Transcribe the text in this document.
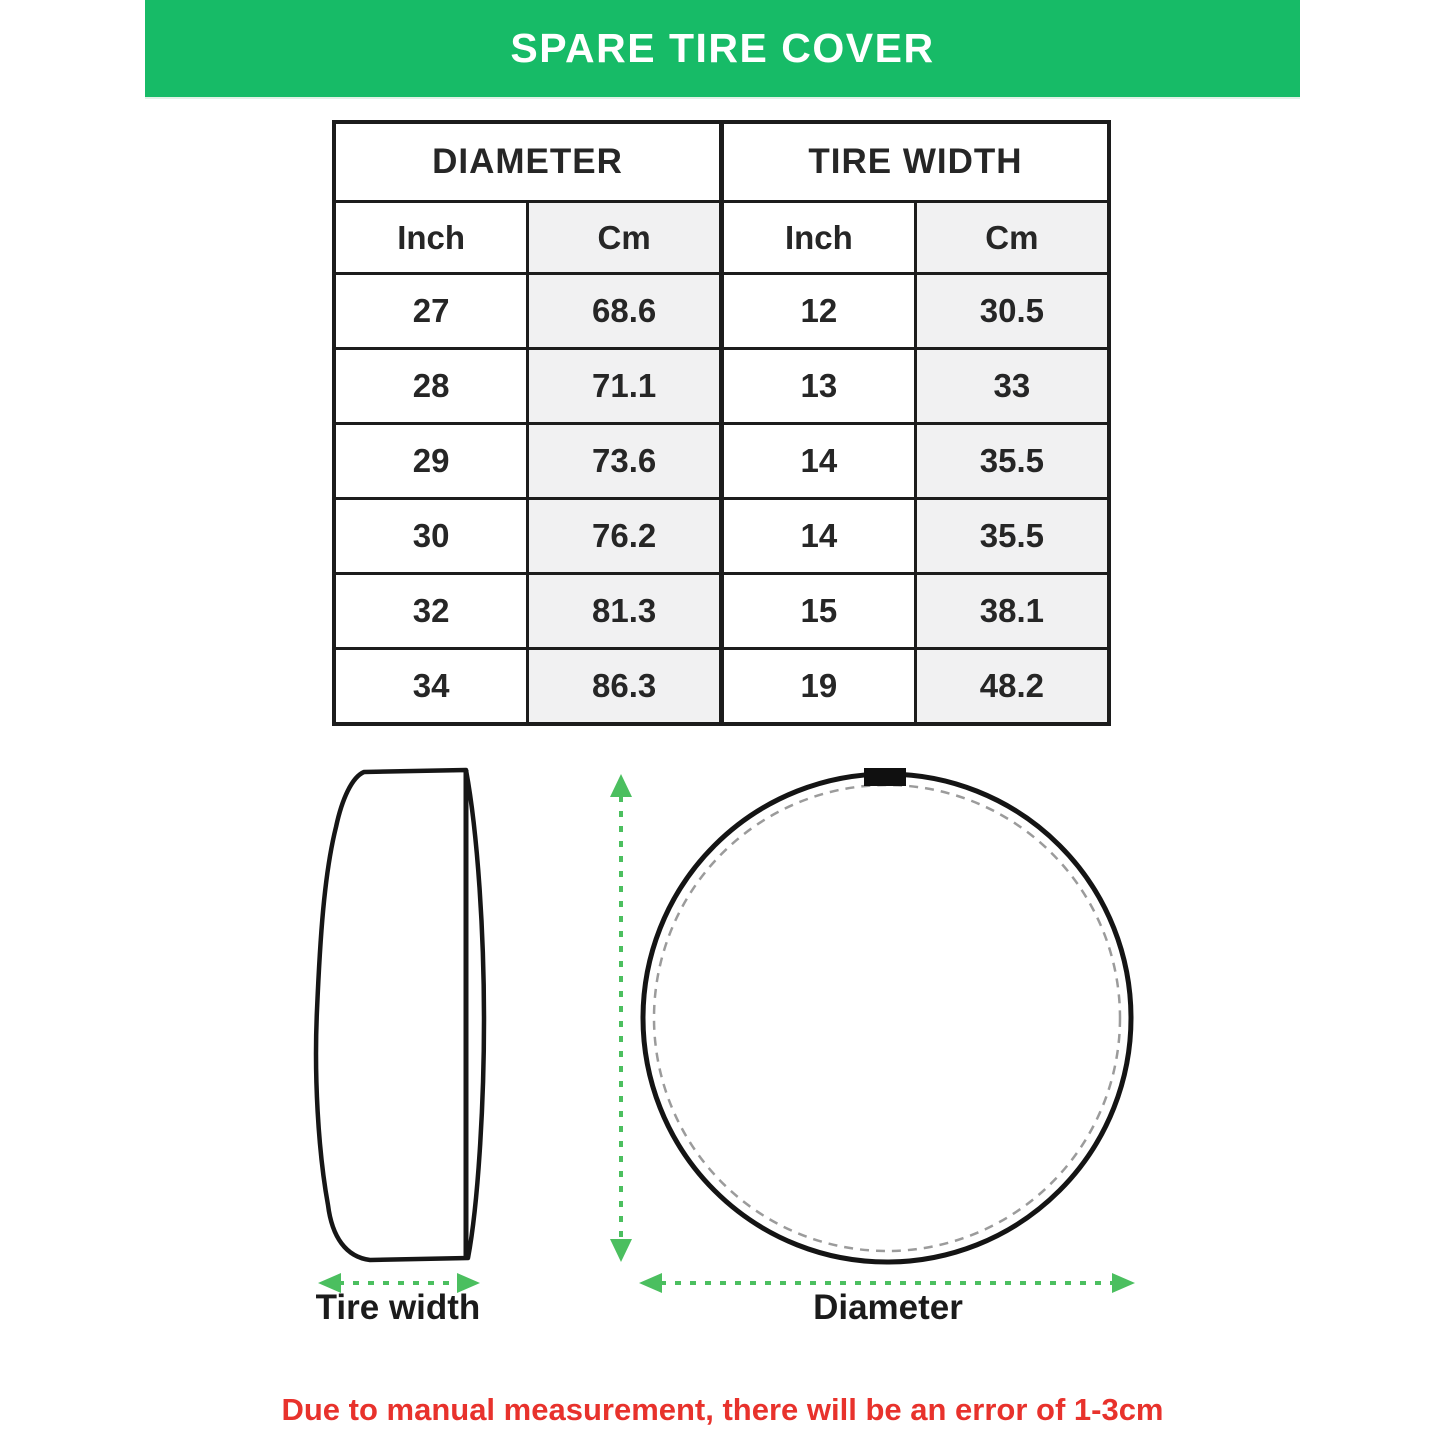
SPARE TIRE COVER
DIAMETER		TIRE WIDTH	
Inch	Cm	Inch	Cm
27	68.6	12	30.5
28	71.1	13	33
29	73.6	14	35.5
30	76.2	14	35.5
32	81.3	15	38.1
34	86.3	19	48.2
Tire width	Diameter
Due to manual measurement, there will be an error of 1-3cm
